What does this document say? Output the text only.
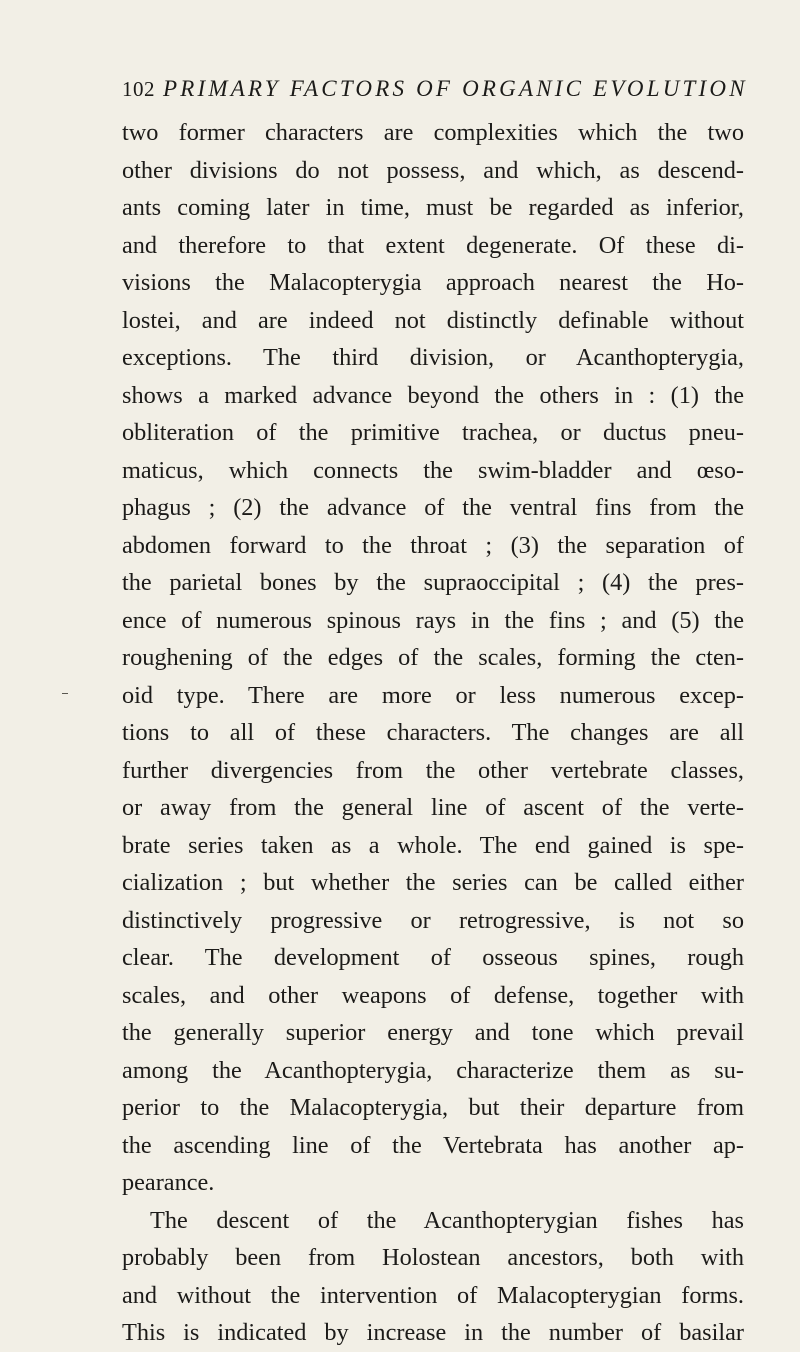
102 PRIMARY FACTORS OF ORGANIC EVOLUTION
two former characters are complexities which the two
other divisions do not possess, and which, as descend-
ants coming later in time, must be regarded as inferior,
and therefore to that extent degenerate. Of these di-
visions the Malacopterygia approach nearest the Ho-
lostei, and are indeed not distinctly definable without
exceptions. The third division, or Acanthopterygia,
shows a marked advance beyond the others in : (1) the
obliteration of the primitive trachea, or ductus pneu-
maticus, which connects the swim-bladder and œso-
phagus ; (2) the advance of the ventral fins from the
abdomen forward to the throat ; (3) the separation of
the parietal bones by the supraoccipital ; (4) the pres-
ence of numerous spinous rays in the fins ; and (5) the
roughening of the edges of the scales, forming the cten-
oid type. There are more or less numerous excep-
tions to all of these characters. The changes are all
further divergencies from the other vertebrate classes,
or away from the general line of ascent of the verte-
brate series taken as a whole. The end gained is spe-
cialization ; but whether the series can be called either
distinctively progressive or retrogressive, is not so
clear. The development of osseous spines, rough
scales, and other weapons of defense, together with
the generally superior energy and tone which prevail
among the Acanthopterygia, characterize them as su-
perior to the Malacopterygia, but their departure from
the ascending line of the Vertebrata has another ap-
pearance.
The descent of the Acanthopterygian fishes has
probably been from Holostean ancestors, both with
and without the intervention of Malacopterygian forms.
This is indicated by increase in the number of basilar
